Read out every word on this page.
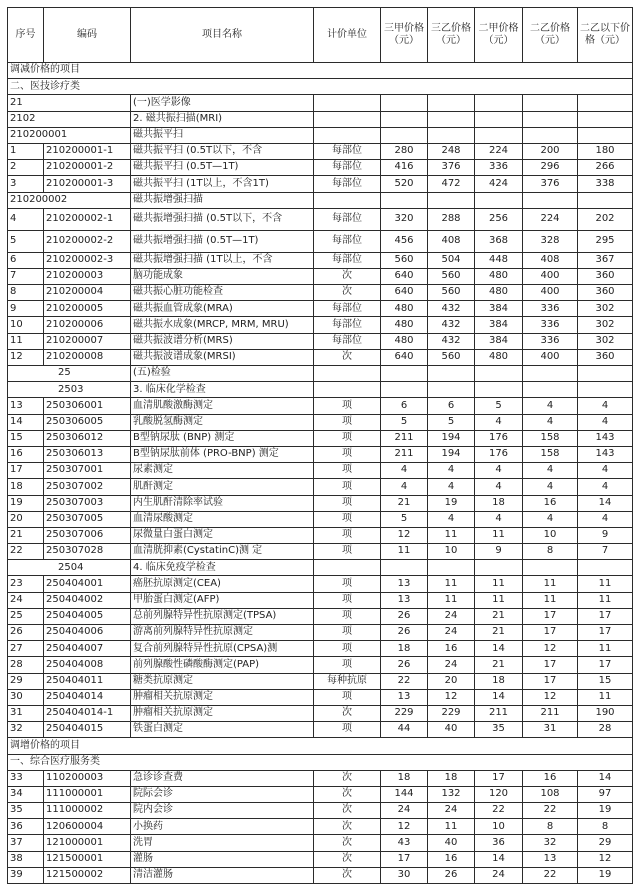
序号	编码	项目名称	计价单位	三甲价格（元）	三乙价格（元）	二甲价格（元）	二乙价格（元）	二乙以下价格（元）
调减价格的项目								
二、医技诊疗类								
21		(一)医学影像						
2102		2. 磁共振扫描(MRI)						
210200001		磁共振平扫						
1	210200001-1	磁共振平扫 (0.5T以下，不含	每部位	280	248	224	200	180
2	210200001-2	磁共振平扫 (0.5T—1T)	每部位	416	376	336	296	266
3	210200001-3	磁共振平扫 (1T以上，不含1T)	每部位	520	472	424	376	338
210200002		磁共振增强扫描						
4	210200002-1	磁共振增强扫描 (0.5T以下，不含	每部位	320	288	256	224	202
5	210200002-2	磁共振增强扫描 (0.5T—1T)	每部位	456	408	368	328	295
6	210200002-3	磁共振增强扫描 (1T以上，不含	每部位	560	504	448	408	367
7	210200003	脑功能成象	次	640	560	480	400	360
8	210200004	磁共振心脏功能检查	次	640	560	480	400	360
9	210200005	磁共振血管成象(MRA)	每部位	480	432	384	336	302
10	210200006	磁共振水成象(MRCP, MRM, MRU)	每部位	480	432	384	336	302
11	210200007	磁共振波谱分析(MRS)	每部位	480	432	384	336	302
12	210200008	磁共振波谱成象(MRSI)	次	640	560	480	400	360
25		(五)检验						
2503		3. 临床化学检查						
13	250306001	血清肌酸激酶测定	项	6	6	5	4	4
14	250306005	乳酸脱氢酶测定	项	5	5	4	4	4
15	250306012	B型钠尿肽 (BNP) 测定	项	211	194	176	158	143
16	250306013	B型钠尿肽前体 (PRO-BNP) 测定	项	211	194	176	158	143
17	250307001	尿素测定	项	4	4	4	4	4
18	250307002	肌酐测定	项	4	4	4	4	4
19	250307003	内生肌酐清除率试验	项	21	19	18	16	14
20	250307005	血清尿酸测定	项	5	4	4	4	4
21	250307006	尿微量白蛋白测定	项	12	11	11	10	9
22	250307028	血清胱抑素(CystatinC)测 定	项	11	10	9	8	7
2504		4. 临床免疫学检查						
23	250404001	癌胚抗原测定(CEA)	项	13	11	11	11	11
24	250404002	甲胎蛋白测定(AFP)	项	13	11	11	11	11
25	250404005	总前列腺特异性抗原测定(TPSA)	项	26	24	21	17	17
26	250404006	游离前列腺特异性抗原测定	项	26	24	21	17	17
27	250404007	复合前列腺特异性抗原(CPSA)测	项	18	16	14	12	11
28	250404008	前列腺酸性磷酸酶测定(PAP)	项	26	24	21	17	17
29	250404011	糖类抗原测定	每种抗原	22	20	18	17	15
30	250404014	肿瘤相关抗原测定	项	13	12	14	12	11
31	250404014-1	肿瘤相关抗原测定	次	229	229	211	211	190
32	250404015	铁蛋白测定	项	44	40	35	31	28
调增价格的项目								
一、综合医疗服务类								
33	110200003	急诊诊查费	次	18	18	17	16	14
34	111000001	院际会诊	次	144	132	120	108	97
35	111000002	院内会诊	次	24	24	22	22	19
36	120600004	小换药	次	12	11	10	8	8
37	121000001	洗胃	次	43	40	36	32	29
38	121500001	灌肠	次	17	16	14	13	12
39	121500002	清洁灌肠	次	30	26	24	22	19
